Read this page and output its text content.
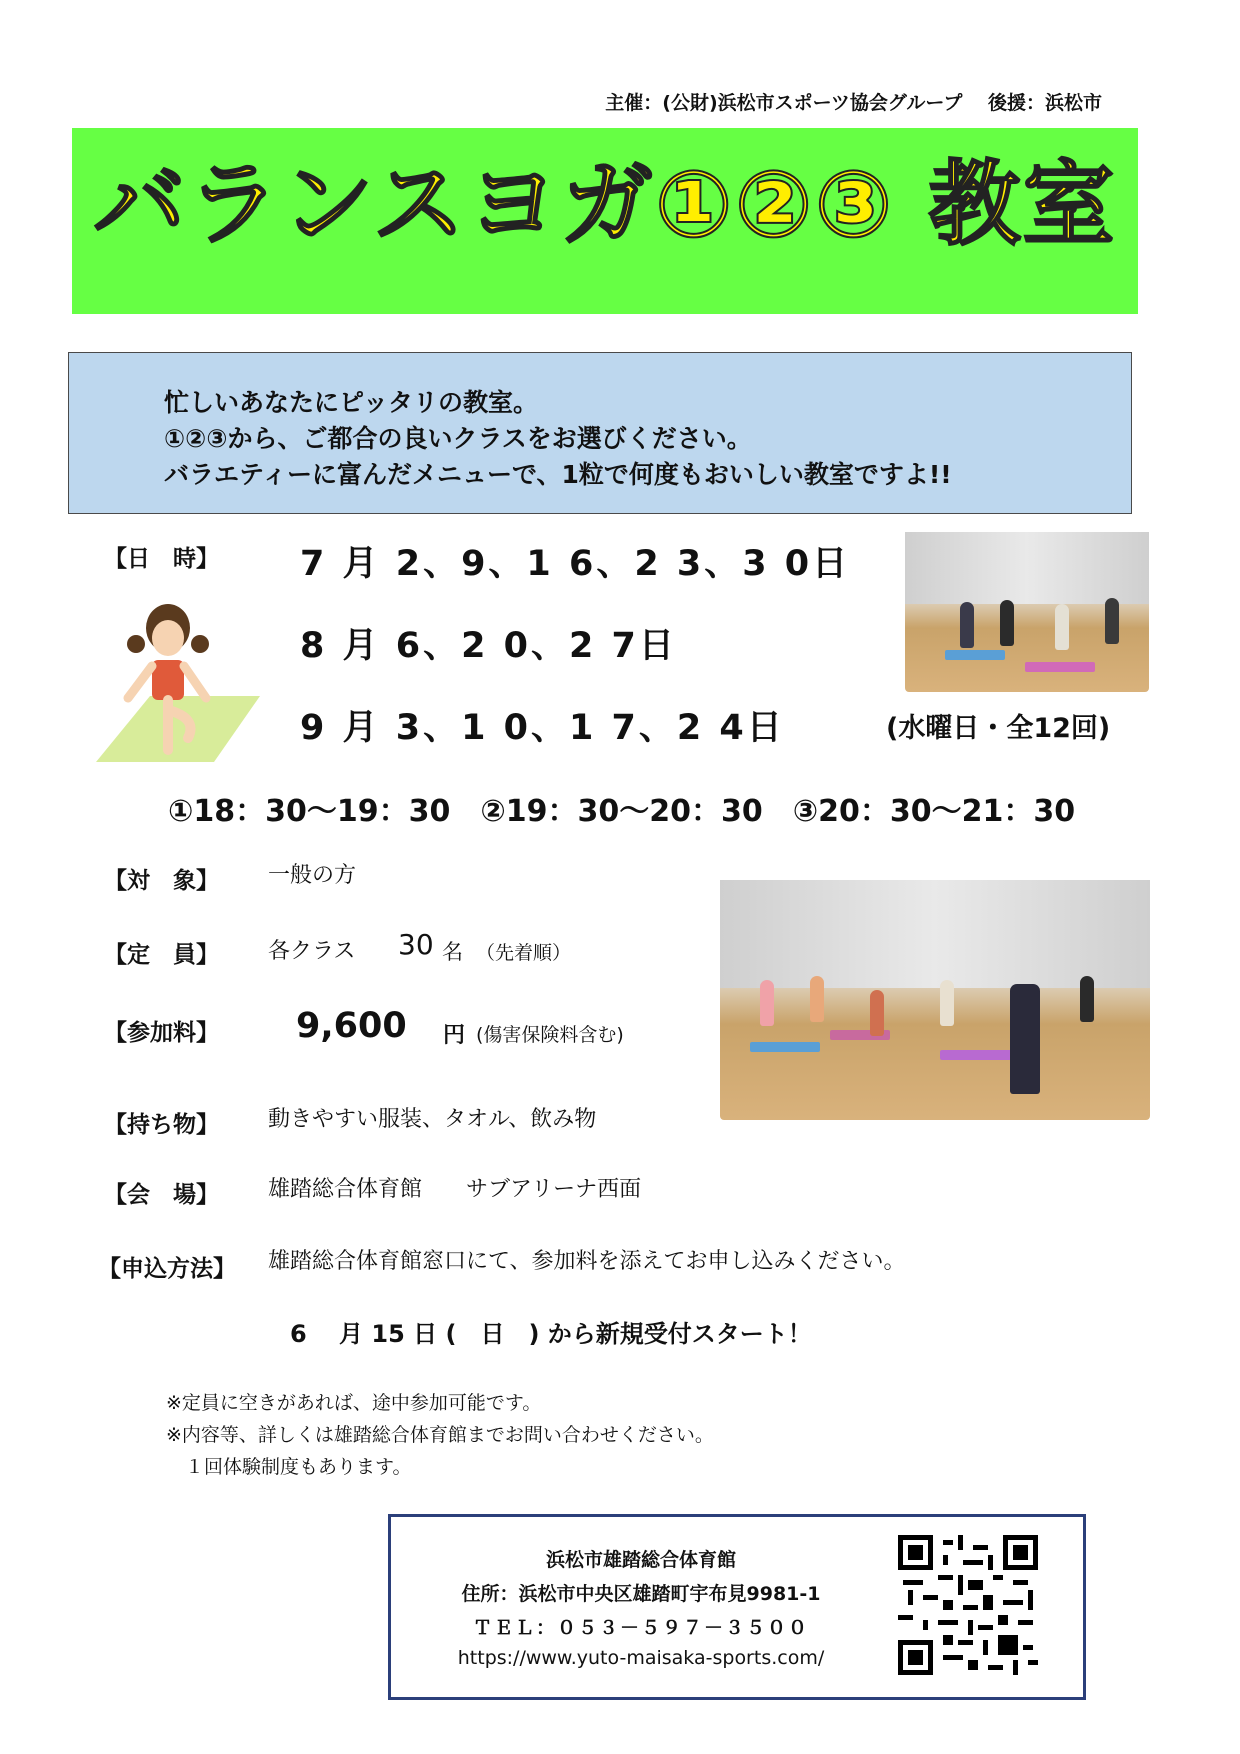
主催：(公財)浜松市スポーツ協会グループ　 後援：浜松市
バランスヨガ①②③ 教室

忙しいあなたにピッタリの教室。

①②③から、ご都合の良いクラスをお選びください。

バラエティーに富んだメニューで、1粒で何度もおいしい教室ですよ!!

【日　時】 7 月 2、9、1 6、2 3、3 0日
8 月 6、2 0、2 7日
9 月 3、1 0、1 7、2 4日	(水曜日・全12回)
①18：30～19：30　②19：30～20：30　③20：30～21：30
【対　象】 一般の方
【定　員】 各クラス 30 名 （先着順）
【参加料】 9,600 円 (傷害保険料含む)
【持ち物】 動きやすい服装、タオル、飲み物
【会　場】 雄踏総合体育館　　サブアリーナ西面
【申込方法】 雄踏総合体育館窓口にて、参加料を添えてお申し込みください。
6　 月 15 日 (　日　) から新規受付スタート！
※定員に空きがあれば、途中参加可能です。
※内容等、詳しくは雄踏総合体育館までお問い合わせください。
　１回体験制度もあります。
浜松市雄踏総合体育館
住所：浜松市中央区雄踏町宇布見9981-1
ＴＥＬ：０５３－５９７－３５００
https://www.yuto-maisaka-sports.com/
